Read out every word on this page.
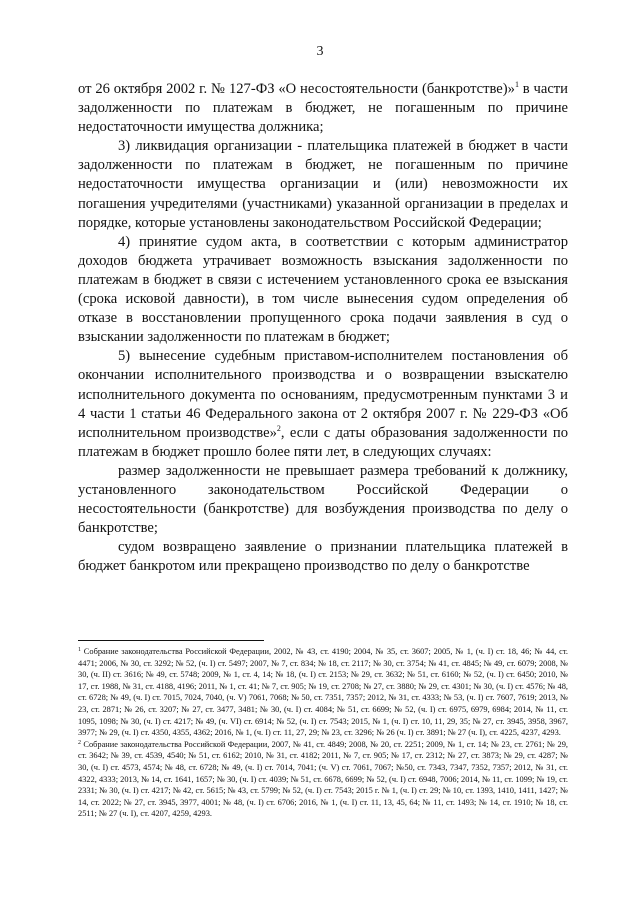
3

от 26 октября 2002 г. № 127-ФЗ «О несостоятельности (банкротстве)»$^1$ в части задолженности по платежам в бюджет, не погашенным по причине недостаточности имущества должника;

3) ликвидация организации - плательщика платежей в бюджет в части задолженности по платежам в бюджет, не погашенным по причине недостаточности имущества организации и (или) невозможности их погашения учредителями (участниками) указанной организации в пределах и порядке, которые установлены законодательством Российской Федерации;

4) принятие судом акта, в соответствии с которым администратор доходов бюджета утрачивает возможность взыскания задолженности по платежам в бюджет в связи с истечением установленного срока ее взыскания (срока исковой давности), в том числе вынесения судом определения об отказе в восстановлении пропущенного срока подачи заявления в суд о взыскании задолженности по платежам в бюджет;

5) вынесение судебным приставом-исполнителем постановления об окончании исполнительного производства и о возвращении взыскателю исполнительного документа по основаниям, предусмотренным пунктами 3 и 4 части 1 статьи 46 Федерального закона от 2 октября 2007 г. № 229-ФЗ «Об исполнительном производстве»$^2$, если с даты образования задолженности по платежам в бюджет прошло более пяти лет, в следующих случаях:

размер задолженности не превышает размера требований к должнику, установленного законодательством Российской Федерации о несостоятельности (банкротстве) для возбуждения производства по делу о банкротстве;

судом возвращено заявление о признании плательщика платежей в бюджет банкротом или прекращено производство по делу о банкротстве

$^1$ Собрание законодательства Российской Федерации, 2002, № 43, ст. 4190; 2004, № 35, ст. 3607; 2005, № 1, (ч. I) ст. 18, 46; № 44, ст. 4471; 2006, № 30, ст. 3292; № 52, (ч. I) ст. 5497; 2007, № 7, ст. 834; № 18, ст. 2117; № 30, ст. 3754; № 41, ст. 4845; № 49, ст. 6079; 2008, № 30, (ч. II) ст. 3616; № 49, ст. 5748; 2009, № 1, ст. 4, 14; № 18, (ч. I) ст. 2153; № 29, ст. 3632; № 51, ст. 6160; № 52, (ч. I) ст. 6450; 2010, № 17, ст. 1988, № 31, ст. 4188, 4196; 2011, № 1, ст. 41; № 7, ст. 905; № 19, ст. 2708; № 27, ст. 3880; № 29, ст. 4301; № 30, (ч. I) ст. 4576; № 48, ст. 6728; № 49, (ч. I) ст. 7015, 7024, 7040, (ч. V) 7061, 7068; № 50, ст. 7351, 7357; 2012, № 31, ст. 4333; № 53, (ч. I) ст. 7607, 7619; 2013, № 23, ст. 2871; № 26, ст. 3207; № 27, ст. 3477, 3481; № 30, (ч. I) ст. 4084; № 51, ст. 6699; № 52, (ч. I) ст. 6975, 6979, 6984; 2014, № 11, ст. 1095, 1098; № 30, (ч. I) ст. 4217; № 49, (ч. VI) ст. 6914; № 52, (ч. I) ст. 7543; 2015, № 1, (ч. I) ст. 10, 11, 29, 35; № 27, ст. 3945, 3958, 3967, 3977; № 29, (ч. I) ст. 4350, 4355, 4362; 2016, № 1, (ч. I) ст. 11, 27, 29; № 23, ст. 3296; № 26 (ч. I) ст. 3891; № 27 (ч. I), ст. 4225, 4237, 4293.

$^2$ Собрание законодательства Российской Федерации, 2007, № 41, ст. 4849; 2008, № 20, ст. 2251; 2009, № 1, ст. 14; № 23, ст. 2761; № 29, ст. 3642; № 39, ст. 4539, 4540; № 51, ст. 6162; 2010, № 31, ст. 4182; 2011, № 7, ст. 905; № 17, ст. 2312; № 27, ст. 3873; № 29, ст. 4287; № 30, (ч. I) ст. 4573, 4574; № 48, ст. 6728; № 49, (ч. I) ст. 7014, 7041; (ч. V) ст. 7061, 7067; №50, ст. 7343, 7347, 7352, 7357; 2012, № 31, ст. 4322, 4333; 2013, № 14, ст. 1641, 1657; № 30, (ч. I) ст. 4039; № 51, ст. 6678, 6699; № 52, (ч. I) ст. 6948, 7006; 2014, № 11, ст. 1099; № 19, ст. 2331; № 30, (ч. I) ст. 4217; № 42, ст. 5615; № 43, ст. 5799; № 52, (ч. I) ст. 7543; 2015 г. № 1, (ч. I) ст. 29; № 10, ст. 1393, 1410, 1411, 1427; № 14, ст. 2022; № 27, ст. 3945, 3977, 4001; № 48, (ч. I) ст. 6706; 2016, № 1, (ч. I) ст. 11, 13, 45, 64; № 11, ст. 1493; № 14, ст. 1910; № 18, ст. 2511; № 27 (ч. I), ст. 4207, 4259, 4293.
